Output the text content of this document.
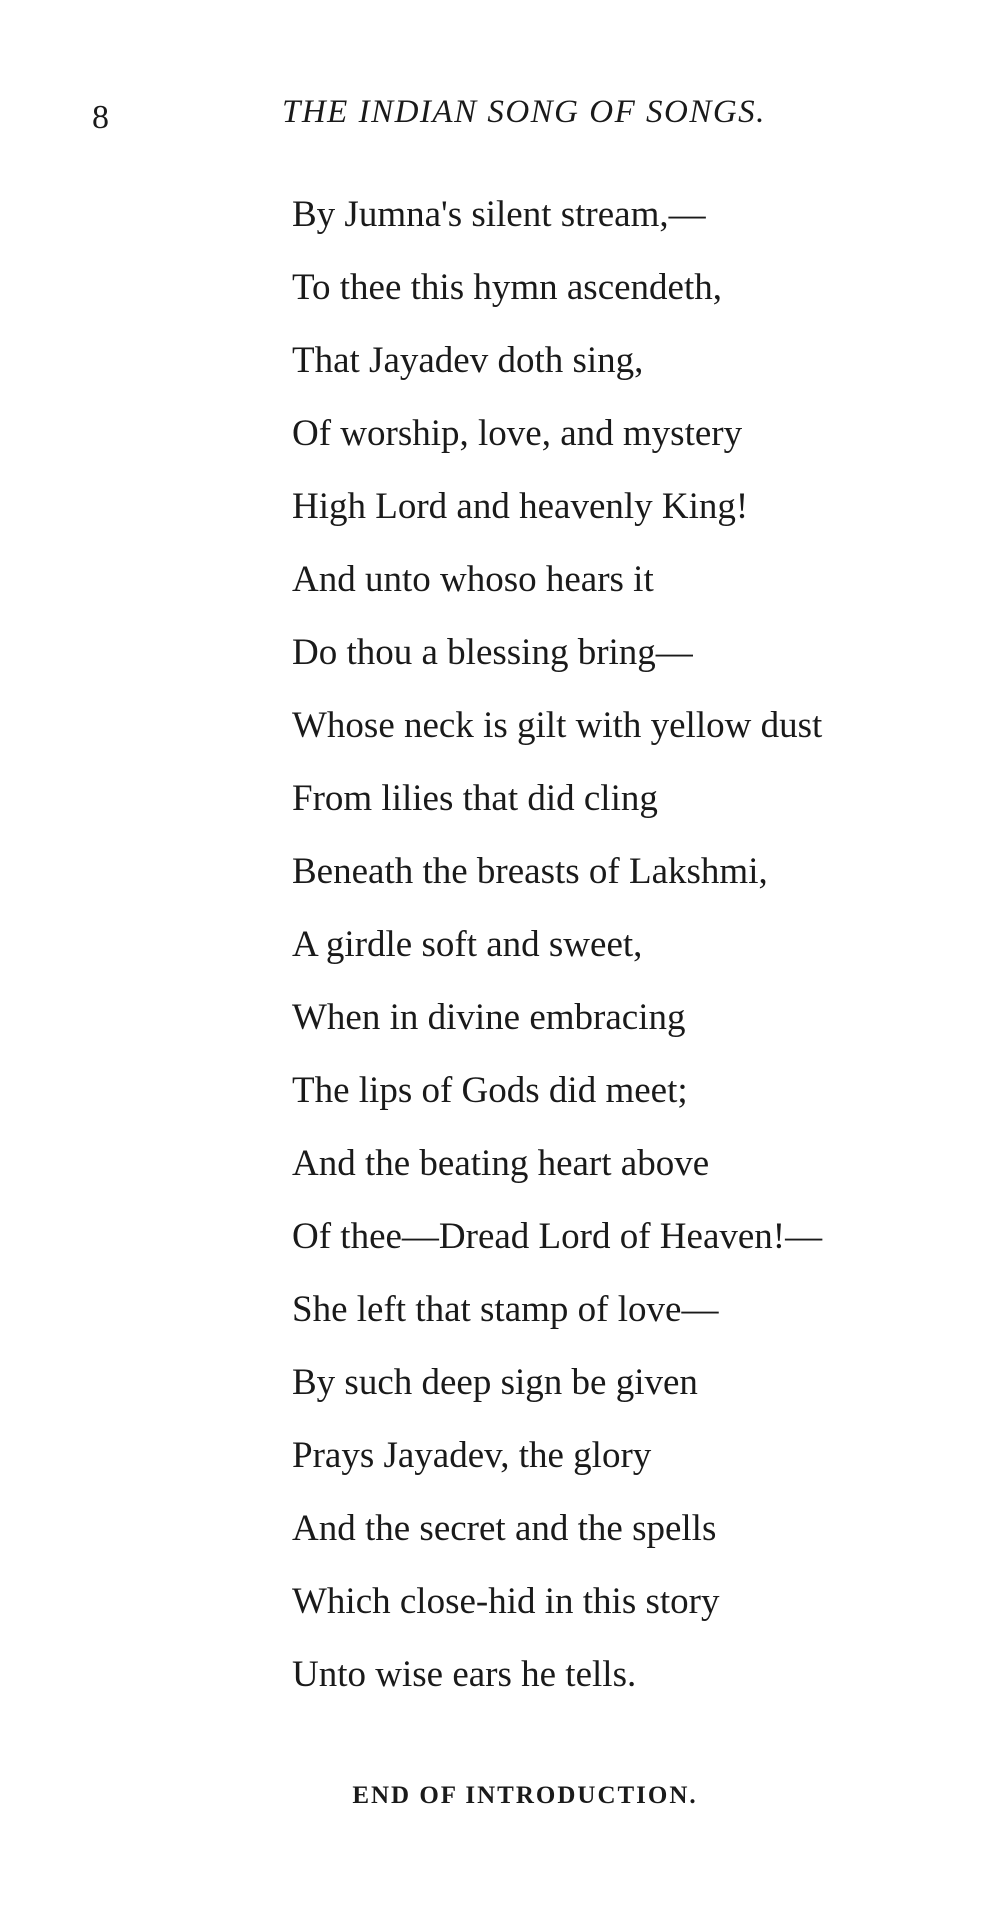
8	THE INDIAN SONG OF SONGS.
By Jumna's silent stream,—
To thee this hymn ascendeth,
That Jayadev doth sing,
Of worship, love, and mystery
High Lord and heavenly King!
And unto whoso hears it
Do thou a blessing bring—
Whose neck is gilt with yellow dust
From lilies that did cling
Beneath the breasts of Lakshmi,
A girdle soft and sweet,
When in divine embracing
The lips of Gods did meet;
And the beating heart above
Of thee—Dread Lord of Heaven!—
She left that stamp of love—
By such deep sign be given
Prays Jayadev, the glory
And the secret and the spells
Which close-hid in this story
Unto wise ears he tells.
END OF INTRODUCTION.
